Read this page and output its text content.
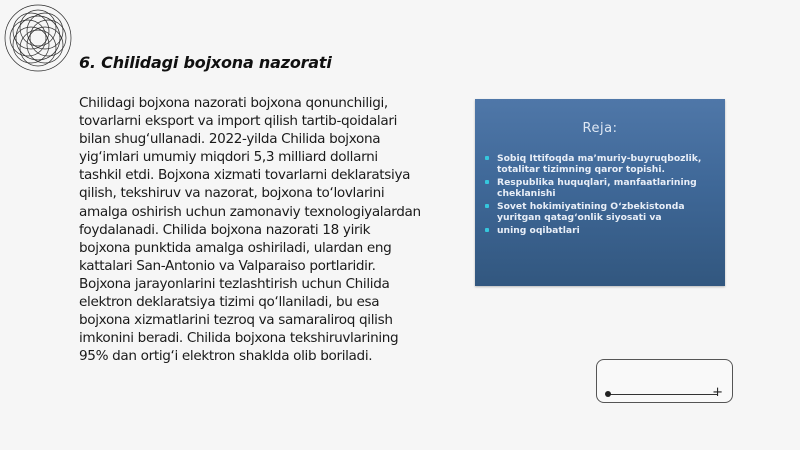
6. Chilidagi bojxona nazorati

Chilidagi bojxona nazorati bojxona qonunchiligi, tovarlarni eksport va import qilish tartib-qoidalari bilan shug‘ullanadi. 2022-yilda Chilida bojxona yig‘imlari umumiy miqdori 5,3 milliard dollarni tashkil etdi. Bojxona xizmati tovarlarni deklaratsiya qilish, tekshiruv va nazorat, bojxona to‘lovlarini amalga oshirish uchun zamonaviy texnologiyalardan foydalanadi. Chilida bojxona nazorati 18 yirik bojxona punktida amalga oshiriladi, ulardan eng kattalari San-Antonio va Valparaiso portlaridir. Bojxona jarayonlarini tezlashtirish uchun Chilida elektron deklaratsiya tizimi qo‘llaniladi, bu esa bojxona xizmatlarini tezroq va samaraliroq qilish imkonini beradi. Chilida bojxona tekshiruvlarining 95% dan ortig‘i elektron shaklda olib boriladi.

Reja:
Sobiq Ittifoqda ma’muriy-buyruqbozlik, totalitar tizimning qaror topishi.
Respublika huquqlari, manfaatlarining cheklanishi
Sovet hokimiyatining O‘zbekistonda yuritgan qatag‘onlik siyosati va
uning oqibatlari
+
